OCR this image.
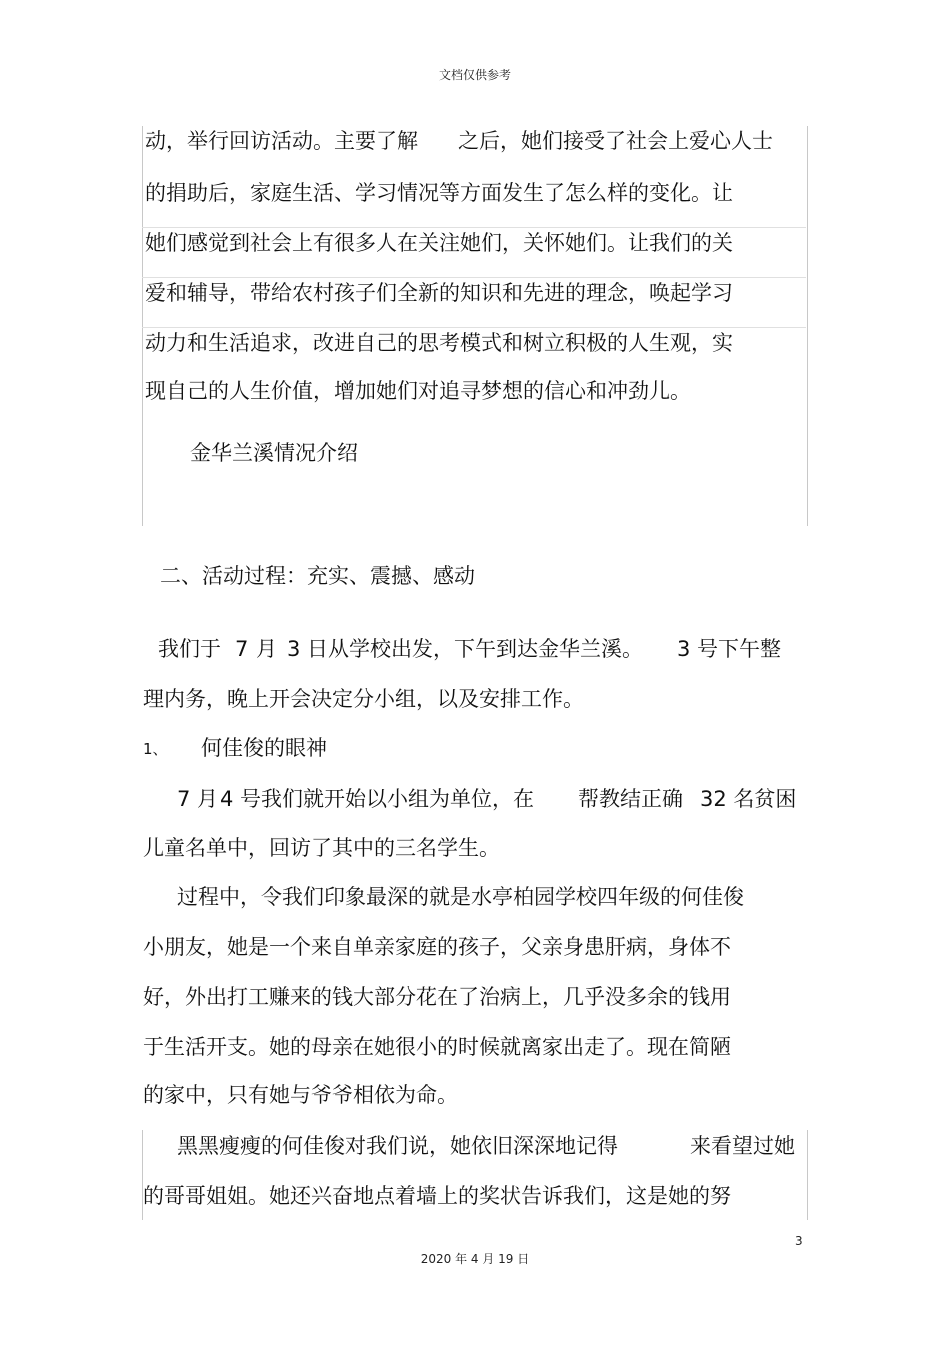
文档仅供参考
动，举行回访活动。主要了解 之后，她们接受了社会上爱心人士
的捐助后，家庭生活、学习情况等方面发生了怎么样的变化。让
她们感觉到社会上有很多人在关注她们，关怀她们。让我们的关
爱和辅导，带给农村孩子们全新的知识和先进的理念，唤起学习
动力和生活追求，改进自己的思考模式和树立积极的人生观，实
现自己的人生价值，增加她们对追寻梦想的信心和冲劲儿。
金华兰溪情况介绍
二、活动过程：充实、震撼、感动
我们于 7 月 3 日从学校出发，下午到达金华兰溪。 3 号下午整
理内务，晚上开会决定分小组，以及安排工作。
1、 何佳俊的眼神
7 月 4 号我们就开始以小组为单位，在 帮教结正确 32 名贫困
儿童名单中，回访了其中的三名学生。
过程中，令我们印象最深的就是水亭柏园学校四年级的何佳俊
小朋友，她是一个来自单亲家庭的孩子，父亲身患肝病，身体不
好，外出打工赚来的钱大部分花在了治病上，几乎没多余的钱用
于生活开支。她的母亲在她很小的时候就离家出走了。现在简陋
的家中，只有她与爷爷相依为命。
黑黑瘦瘦的何佳俊对我们说，她依旧深深地记得	来看望过她
的哥哥姐姐。她还兴奋地点着墙上的奖状告诉我们，这是她的努
3
2020 年 4 月 19 日
